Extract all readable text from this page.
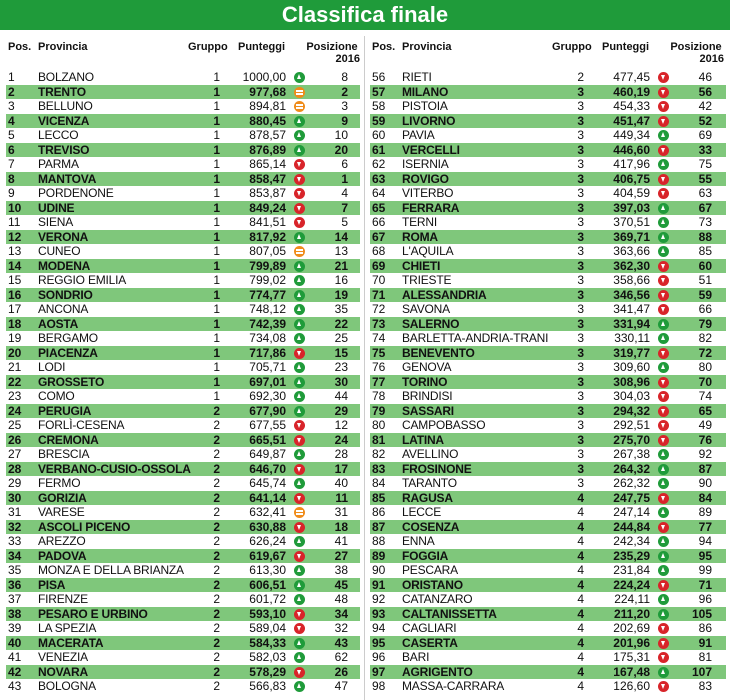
Classifica finale
Pos. Provincia	Gruppo Punteggi Posizione

2016
1 BOLZANO	1	1000,00	8
2 TRENTO	1	977,68	2
3 BELLUNO	1	894,81	3
4 VICENZA	1	880,45	9
5 LECCO	1	878,57	10
6 TREVISO	1	876,89	20
7 PARMA	1	865,14	6
8 MANTOVA	1	858,47	1
9 PORDENONE	1	853,87	4
10 UDINE	1	849,24	7
11 SIENA	1	841,51	5
12 VERONA	1	817,92	14
13 CUNEO	1	807,05	13
14 MODENA	1	799,89	21
15 REGGIO EMILIA	1	799,02	16
16 SONDRIO	1	774,77	19
17 ANCONA	1	748,12	35
18 AOSTA	1	742,39	22
19 BERGAMO	1	734,08	25
20 PIACENZA	1	717,86	15
21 LODI	1	705,71	23
22 GROSSETO	1	697,01	30
23 COMO	1	692,30	44
24 PERUGIA	2	677,90	29
25 FORLÌ-CESENA	2	677,55	12
26 CREMONA	2	665,51	24
27 BRESCIA	2	649,87	28
28 VERBANO-CUSIO-OSSOLA	2	646,70	17
29 FERMO	2	645,74	40
30 GORIZIA	2	641,14	11
31 VARESE	2	632,41	31
32 ASCOLI PICENO	2	630,88	18
33 AREZZO	2	626,24	41
34 PADOVA	2	619,67	27
35 MONZA E DELLA BRIANZA	2	613,30	38
36 PISA	2	606,51	45
37 FIRENZE	2	601,72	48
38 PESARO E URBINO	2	593,10	34
39 LA SPEZIA	2	589,04	32
40 MACERATA	2	584,33	43
41 VENEZIA	2	582,03	62
42 NOVARA	2	578,29	26
43 BOLOGNA	2	566,83	47
Pos. Provincia	Gruppo Punteggi Posizione

2016
56 RIETI	2	477,45	46
57 MILANO	3	460,19	56
58 PISTOIA	3	454,33	42
59 LIVORNO	3	451,47	52
60 PAVIA	3	449,34	69
61 VERCELLI	3	446,60	33
62 ISERNIA	3	417,96	75
63 ROVIGO	3	406,75	55
64 VITERBO	3	404,59	63
65 FERRARA	3	397,03	67
66 TERNI	3	370,51	73
67 ROMA	3	369,71	88
68 L'AQUILA	3	363,66	85
69 CHIETI	3	362,30	60
70 TRIESTE	3	358,66	51
71 ALESSANDRIA	3	346,56	59
72 SAVONA	3	341,47	66
73 SALERNO	3	331,94	79
74 BARLETTA-ANDRIA-TRANI	3	330,11	82
75 BENEVENTO	3	319,77	72
76 GENOVA	3	309,60	80
77 TORINO	3	308,96	70
78 BRINDISI	3	304,03	74
79 SASSARI	3	294,32	65
80 CAMPOBASSO	3	292,51	49
81 LATINA	3	275,70	76
82 AVELLINO	3	267,38	92
83 FROSINONE	3	264,32	87
84 TARANTO	3	262,32	90
85 RAGUSA	4	247,75	84
86 LECCE	4	247,14	89
87 COSENZA	4	244,84	77
88 ENNA	4	242,34	94
89 FOGGIA	4	235,29	95
90 PESCARA	4	231,84	99
91 ORISTANO	4	224,24	71
92 CATANZARO	4	224,11	96
93 CALTANISSETTA	4	211,20	105
94 CAGLIARI	4	202,69	86
95 CASERTA	4	201,96	91
96 BARI	4	175,31	81
97 AGRIGENTO	4	167,48	107
98 MASSA-CARRARA	4	126,60	83
